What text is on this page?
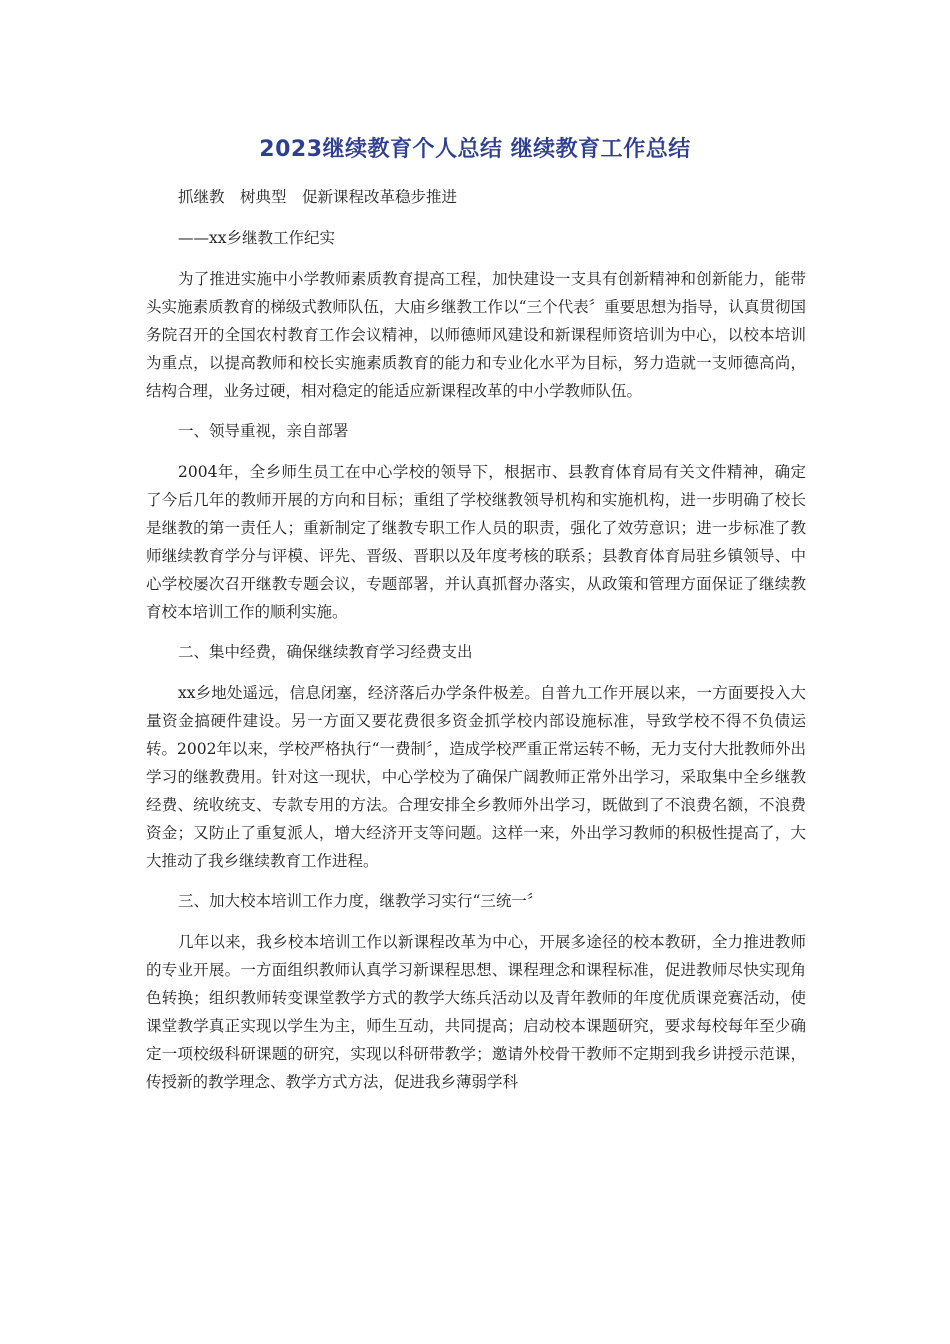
2023继续教育个人总结 继续教育工作总结

抓继教　树典型　促新课程改革稳步推进

——xx乡继教工作纪实

为了推进实施中小学教师素质教育提高工程，加快建设一支具有创新精神和创新能力，能带头实施素质教育的梯级式教师队伍，大庙乡继教工作以“三个代表〞重要思想为指导，认真贯彻国务院召开的全国农村教育工作会议精神，以师德师风建设和新课程师资培训为中心，以校本培训为重点，以提高教师和校长实施素质教育的能力和专业化水平为目标，努力造就一支师德高尚，结构合理，业务过硬，相对稳定的能适应新课程改革的中小学教师队伍。

一、领导重视，亲自部署

2004年，全乡师生员工在中心学校的领导下，根据市、县教育体育局有关文件精神，确定了今后几年的教师开展的方向和目标；重组了学校继教领导机构和实施机构，进一步明确了校长是继教的第一责任人；重新制定了继教专职工作人员的职责，强化了效劳意识；进一步标准了教师继续教育学分与评模、评先、晋级、晋职以及年度考核的联系；县教育体育局驻乡镇领导、中心学校屡次召开继教专题会议，专题部署，并认真抓督办落实，从政策和管理方面保证了继续教育校本培训工作的顺利实施。

二、集中经费，确保继续教育学习经费支出

xx乡地处遥远，信息闭塞，经济落后办学条件极差。自普九工作开展以来，一方面要投入大量资金搞硬件建设。另一方面又要花费很多资金抓学校内部设施标准，导致学校不得不负债运转。2002年以来，学校严格执行“一费制〞，造成学校严重正常运转不畅，无力支付大批教师外出学习的继教费用。针对这一现状，中心学校为了确保广阔教师正常外出学习，采取集中全乡继教经费、统收统支、专款专用的方法。合理安排全乡教师外出学习，既做到了不浪费名额，不浪费资金；又防止了重复派人，增大经济开支等问题。这样一来，外出学习教师的积极性提高了，大大推动了我乡继续教育工作进程。

三、加大校本培训工作力度，继教学习实行“三统一〞

几年以来，我乡校本培训工作以新课程改革为中心，开展多途径的校本教研，全力推进教师的专业开展。一方面组织教师认真学习新课程思想、课程理念和课程标准，促进教师尽快实现角色转换；组织教师转变课堂教学方式的教学大练兵活动以及青年教师的年度优质课竞赛活动，使课堂教学真正实现以学生为主，师生互动，共同提高；启动校本课题研究，要求每校每年至少确定一项校级科研课题的研究，实现以科研带教学；邀请外校骨干教师不定期到我乡讲授示范课，传授新的教学理念、教学方式方法，促进我乡薄弱学科
